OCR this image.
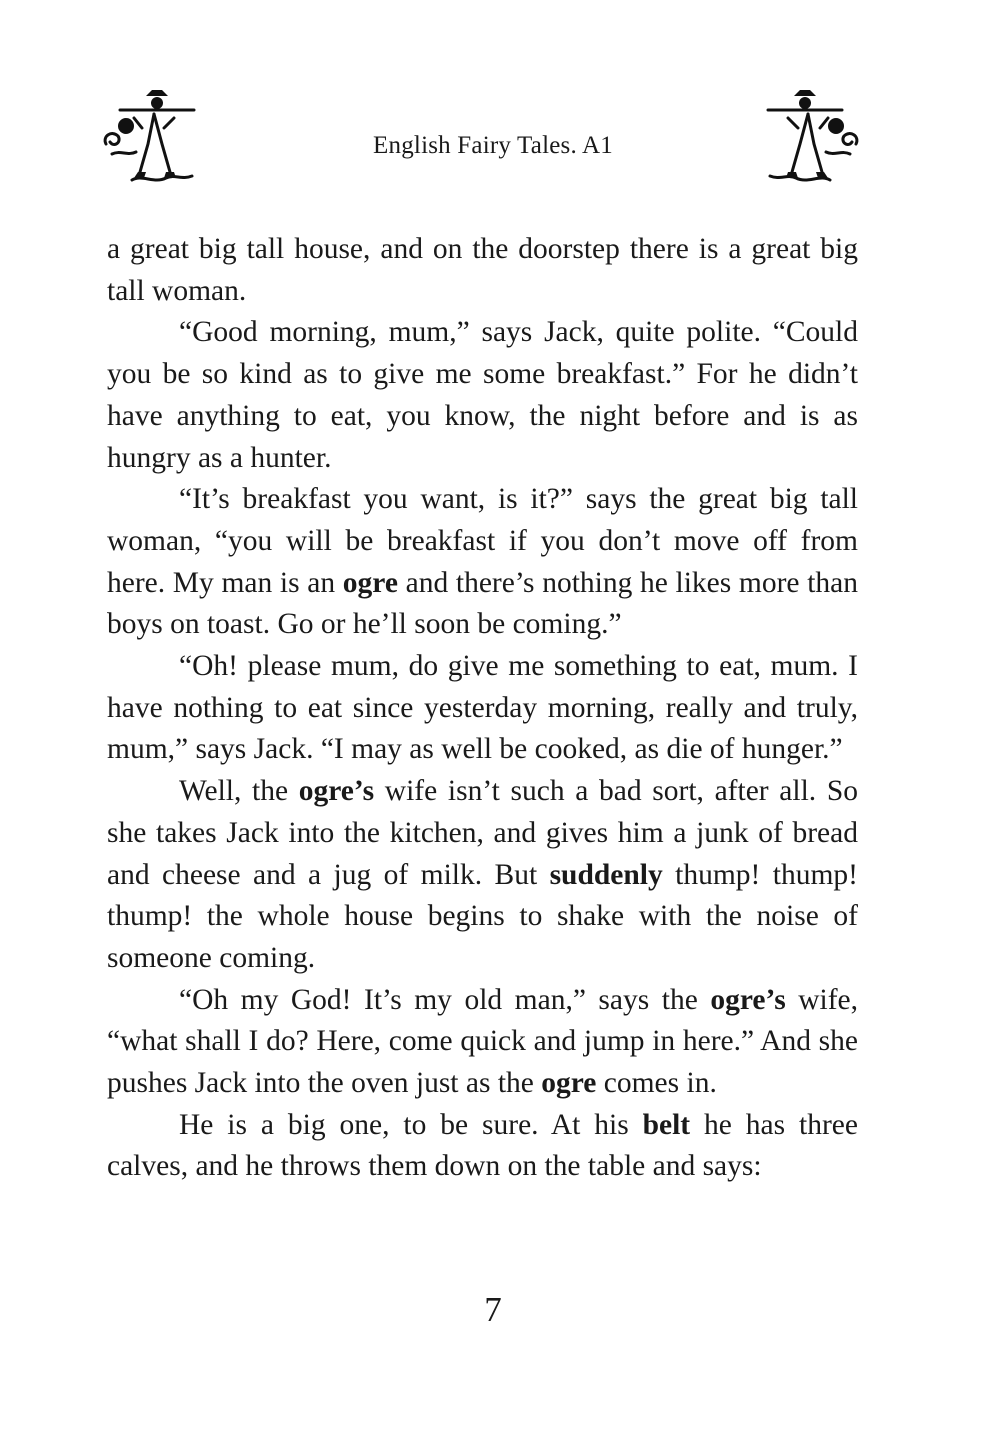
English Fairy Tales. A1

a great big tall house, and on the doorstep there is a great big tall woman.

“Good morning, mum,” says Jack, quite polite. “Could you be so kind as to give me some breakfast.” For he didn’t have anything to eat, you know, the night before and is as hungry as a hunter.

“It’s breakfast you want, is it?” says the great big tall woman, “you will be breakfast if you don’t move off from here. My man is an ogre and there’s nothing he likes more than boys on toast. Go or he’ll soon be coming.”

“Oh! please mum, do give me something to eat, mum. I have nothing to eat since yesterday morning, really and truly, mum,” says Jack. “I may as well be cooked, as die of hunger.”

Well, the ogre’s wife isn’t such a bad sort, after all. So she takes Jack into the kitchen, and gives him a junk of bread and cheese and a jug of milk. But suddenly thump! thump! thump! the whole house begins to shake with the noise of someone coming.

“Oh my God! It’s my old man,” says the ogre’s wife, “what shall I do? Here, come quick and jump in here.” And she pushes Jack into the oven just as the ogre comes in.

He is a big one, to be sure. At his belt he has three calves, and he throws them down on the table and says:

7
